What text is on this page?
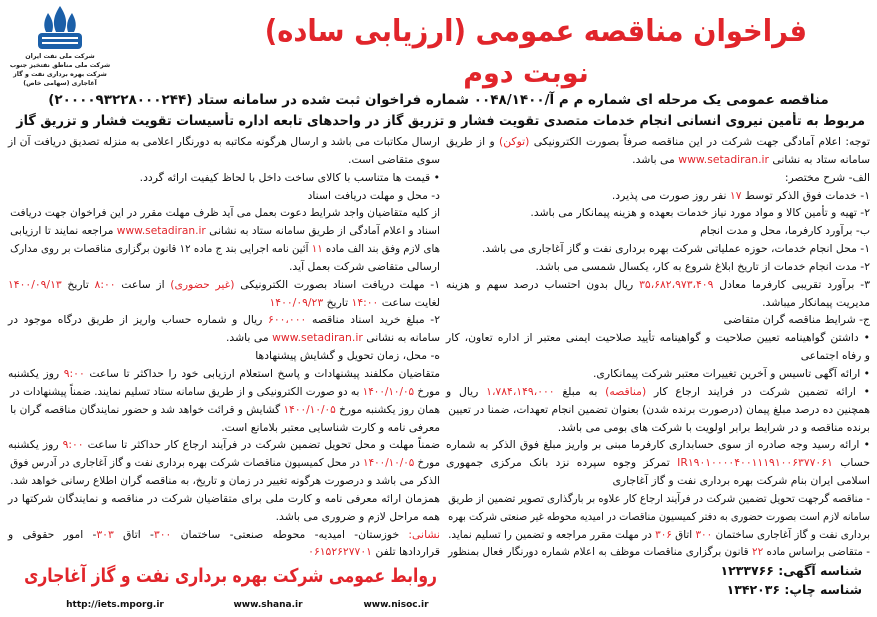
شرکت ملی نفت ایران
شرکت ملی مناطق نفتخیز جنوب
شرکت بهره برداری نفت و گاز آغاجاری (سهامی خاص)
فراخوان مناقصه عمومی (ارزیابی ساده)
نوبت دوم
مناقصه عمومی یک مرحله ای شماره م م آ/۰۰۴۸/۱۴۰۰ شماره فراخوان ثبت شده در سامانه ستاد (۲۰۰۰۰۹۳۲۲۸۰۰۰۲۴۴)
مربوط به تأمین نیروی انسانی انجام خدمات متصدی تقویت فشار و تزریق گاز در واحدهای تابعه اداره تأسیسات تقویت فشار و تزریق گاز
توجه: اعلام آمادگی جهت شرکت در این مناقصه صرفاً بصورت الکترونیکی (توکن) و از طریق
سامانه ستاد به نشانی www.setadiran.ir می باشد.
الف- شرح مختصر:
۱- خدمات فوق الذکر توسط ۱۷ نفر روز صورت می پذیرد.
۲- تهیه و تأمین کالا و مواد مورد نیاز خدمات بعهده و هزینه پیمانکار می باشد.
ب- برآورد کارفرما، محل و مدت انجام
۱- محل انجام خدمات، حوزه عملیاتی شرکت بهره برداری نفت و گاز آغاجاری می باشد.
۲- مدت انجام خدمات از تاریخ ابلاغ شروع به کار، یکسال شمسی می باشد.
۳- برآورد تقریبی کارفرما معادل ۳۵،۶۸۲،۹۷۳،۴۰۹ ریال بدون احتساب درصد سهم و هزینه
مدیریت پیمانکار میباشد.
ج- شرایط مناقصه گران متقاضی
• داشتن گواهینامه تعیین صلاحیت و گواهینامه تأیید صلاحیت ایمنی معتبر از اداره تعاون، کار
و رفاه اجتماعی
• ارائه آگهی تاسیس و آخرین تغییرات معتبر شرکت پیمانکاری.
• ارائه تضمین شرکت در فرایند ارجاع کار (مناقصه) به مبلغ ۱،۷۸۴،۱۴۹،۰۰۰ ریال و
همچنین ده درصد مبلغ پیمان (درصورت برنده شدن) بعنوان تضمین انجام تعهدات، ضمنا در تعیین
برنده مناقصه و در شرایط برابر اولویت با شرکت های بومی می باشد.
• ارائه رسید وجه صادره از سوی حسابداری کارفرما مبنی بر واریز مبلغ فوق الذکر به شماره
حساب IR۱۹۰۱۰۰۰۰۴۰۰۱۱۱۹۱۰۰۶۳۷۷۰۶۱ تمرکز وجوه سپرده نزد بانک مرکزی جمهوری
اسلامی ایران بنام شرکت بهره برداری نفت و گاز آغاجاری
- مناقصه گرجهت تحویل تضمین شرکت در فرآیند ارجاع کار علاوه بر بارگذاری تصویر تضمین از طریق
سامانه لازم است بصورت حضوری به دفتر کمیسیون مناقصات در امیدیه محوطه غیر صنعتی شرکت بهره
برداری نفت و گاز آغاجاری ساختمان ۳۰۰ اتاق ۳۰۶ در مهلت مقرر مراجعه و تضمین را تسلیم نماید.
- متقاضی براساس ماده ۲۲ قانون برگزاری مناقصات موظف به اعلام شماره دورنگار فعال بمنظور
ارسال مکاتبات می باشد و ارسال هرگونه مکاتبه به دورنگار اعلامی به منزله تصدیق دریافت آن از
سوی متقاضی است.
• قیمت ها متناسب با کالای ساخت داخل با لحاظ کیفیت ارائه گردد.
د- محل و مهلت دریافت اسناد
از کلیه متقاضیان واجد شرایط دعوت بعمل می آید ظرف مهلت مقرر در این فراخوان جهت دریافت
اسناد و اعلام آمادگی از طریق سامانه ستاد به نشانی www.setadiran.ir مراجعه نمایند تا ارزیابی
های لازم وفق بند الف ماده ۱۱ آئین نامه اجرایی بند ج ماده ۱۲ قانون برگزاری مناقصات بر روی مدارک
ارسالی متقاضی شرکت بعمل آید.
۱- مهلت دریافت اسناد بصورت الکترونیکی (غیر حضوری) از ساعت ۸:۰۰ تاریخ ۱۴۰۰/۰۹/۱۳
لغایت ساعت ۱۴:۰۰ تاریخ ۱۴۰۰/۰۹/۲۳
۲- مبلغ خرید اسناد مناقصه ۶۰۰،۰۰۰ ریال و شماره حساب واریز از طریق درگاه موجود در
سامانه به نشانی www.setadiran.ir می باشد.
ه- محل، زمان تحویل و گشایش پیشنهادها
متقاضیان مکلفند پیشنهادات و پاسخ استعلام ارزیابی خود را حداکثر تا ساعت ۹:۰۰ روز یکشنبه
مورخ ۱۴۰۰/۱۰/۰۵ به دو صورت الکترونیکی و از طریق سامانه ستاد تسلیم نمایند. ضمناً پیشنهادات در
همان روز یکشنبه مورخ ۱۴۰۰/۱۰/۰۵ گشایش و قرائت خواهد شد و حضور نمایندگان مناقصه گران با
معرفی نامه و کارت شناسایی معتبر بلامانع است.
ضمناً مهلت و محل تحویل تضمین شرکت در فرآیند ارجاع کار حداکثر تا ساعت ۹:۰۰ روز یکشنبه
مورخ ۱۴۰۰/۱۰/۰۵ در محل کمیسیون مناقصات شرکت بهره برداری نفت و گاز آغاجاری در آدرس فوق
الذکر می باشد و درصورت هرگونه تغییر در زمان و تاریخ، به مناقصه گران اطلاع رسانی خواهد شد.
همزمان ارائه معرفی نامه و کارت ملی برای متقاضیان شرکت در مناقصه و نمایندگان شرکتها در
همه مراحل لازم و ضروری می باشد.
نشانی: خوزستان- امیدیه- محوطه صنعتی- ساختمان ۳۰۰- اتاق ۳۰۳- امور حقوقی و
قراردادها تلفن ۰۶۱۵۲۶۲۷۷۰۱
شناسه آگهی: ۱۲۳۳۷۶۶
شناسه چاپ: ۱۳۴۲۰۳۶
روابط عمومی شرکت بهره برداری نفت و گاز آغاجاری
http://iets.mporg.ir	www.shana.ir	www.nisoc.ir
